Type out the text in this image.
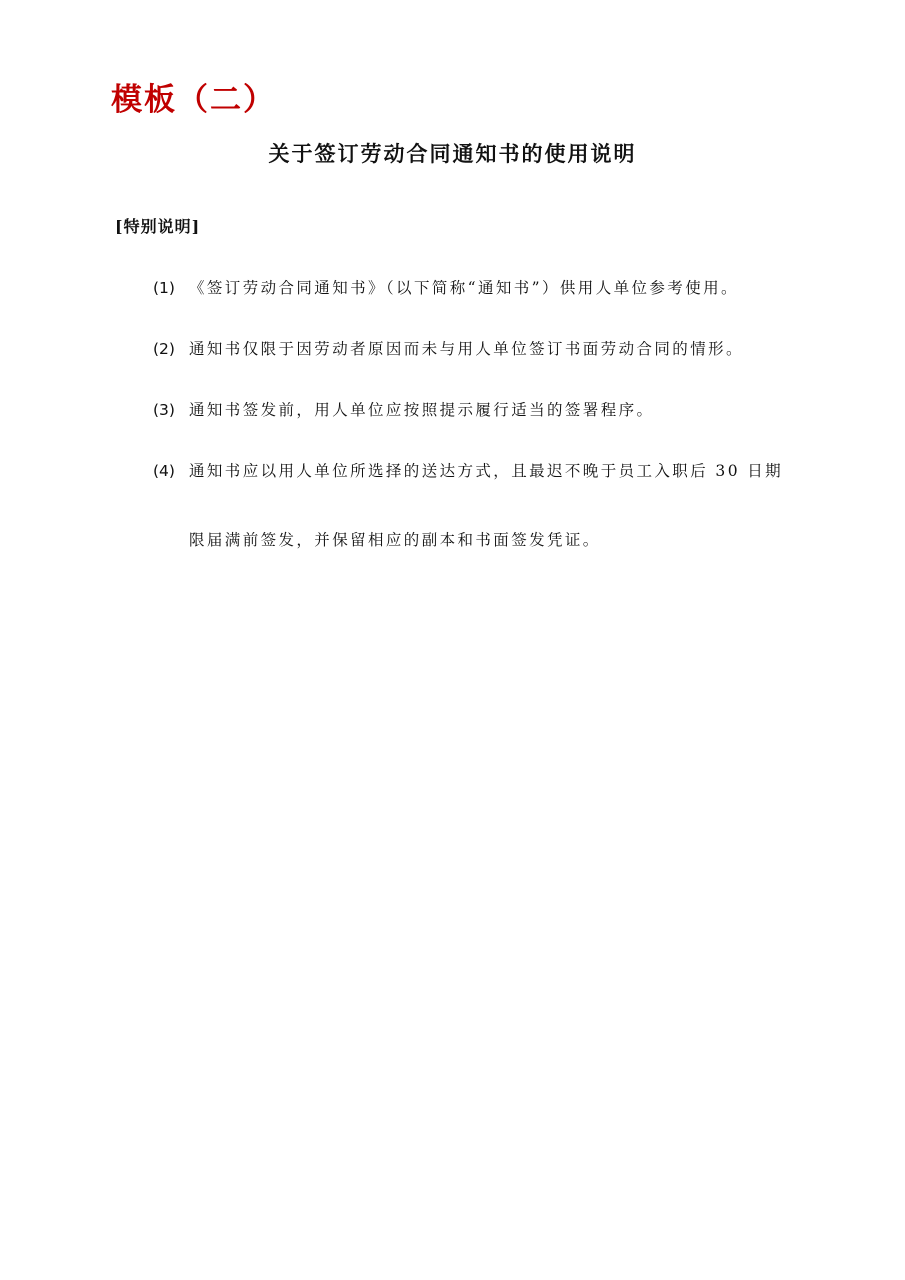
模板（二）
关于签订劳动合同通知书的使用说明
[特别说明]
(1) 《签订劳动合同通知书》（以下简称“通知书”）供用人单位参考使用。
(2) 通知书仅限于因劳动者原因而未与用人单位签订书面劳动合同的情形。
(3) 通知书签发前，用人单位应按照提示履行适当的签署程序。
(4) 通知书应以用人单位所选择的送达方式，且最迟不晚于员工入职后 30 日期
限届满前签发，并保留相应的副本和书面签发凭证。
